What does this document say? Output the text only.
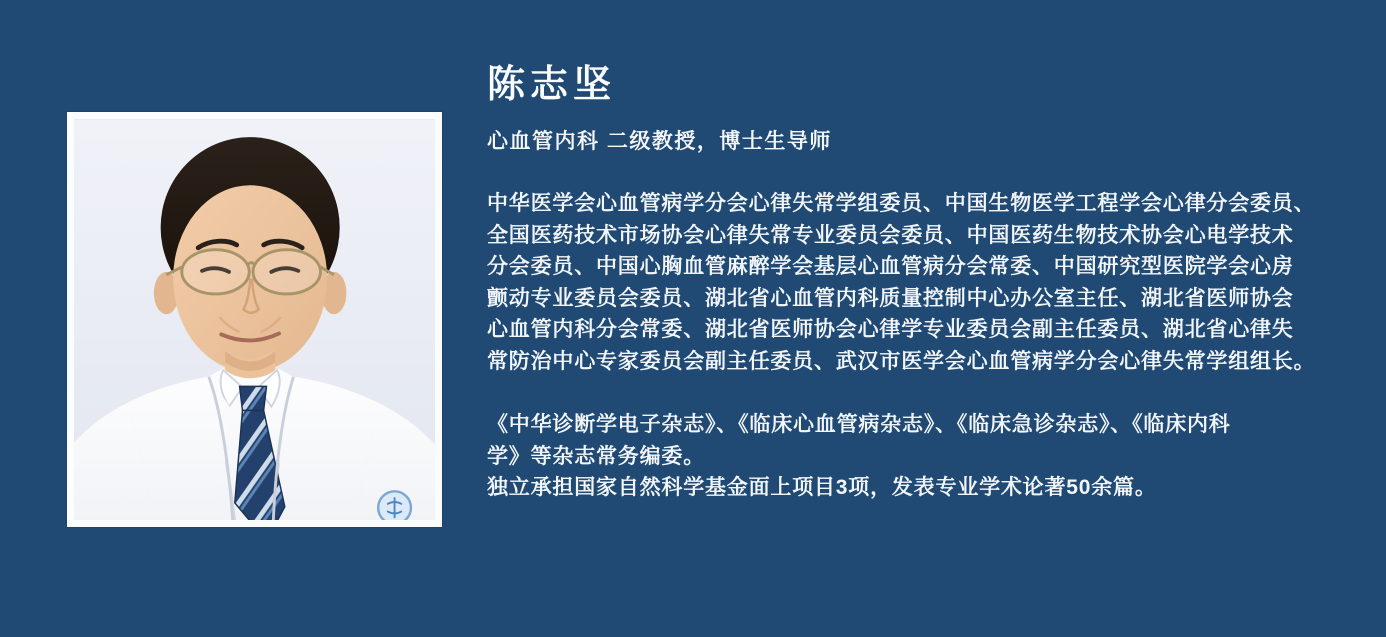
陈志坚
心血管内科 二级教授，博士生导师
中华医学会心血管病学分会心律失常学组委员、中国生物医学工程学会心律分会委员、
全国医药技术市场协会心律失常专业委员会委员、中国医药生物技术协会心电学技术
分会委员、中国心胸血管麻醉学会基层心血管病分会常委、中国研究型医院学会心房
颤动专业委员会委员、湖北省心血管内科质量控制中心办公室主任、湖北省医师协会
心血管内科分会常委、湖北省医师协会心律学专业委员会副主任委员、湖北省心律失
常防治中心专家委员会副主任委员、武汉市医学会心血管病学分会心律失常学组组长。
《中华诊断学电子杂志》、《临床心血管病杂志》、《临床急诊杂志》、《临床内科
学》等杂志常务编委。
独立承担国家自然科学基金面上项目3项，发表专业学术论著50余篇。
